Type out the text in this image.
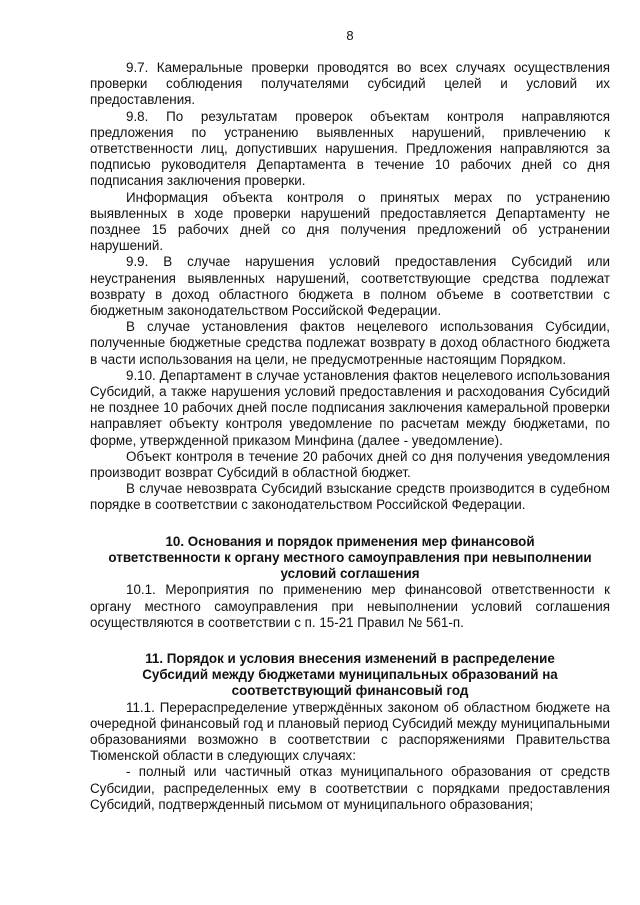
8

9.7. Камеральные проверки проводятся во всех случаях осуществления проверки соблюдения получателями субсидий целей и условий их предоставления.

9.8. По результатам проверок объектам контроля направляются предложения по устранению выявленных нарушений, привлечению к ответственности лиц, допустивших нарушения. Предложения направляются за подписью руководителя Департамента в течение 10 рабочих дней со дня подписания заключения проверки.

Информация объекта контроля о принятых мерах по устранению выявленных в ходе проверки нарушений предоставляется Департаменту не позднее 15 рабочих дней со дня получения предложений об устранении нарушений.

9.9. В случае нарушения условий предоставления Субсидий или неустранения выявленных нарушений, соответствующие средства подлежат возврату в доход областного бюджета в полном объеме в соответствии с бюджетным законодательством Российской Федерации.

В случае установления фактов нецелевого использования Субсидии, полученные бюджетные средства подлежат возврату в доход областного бюджета в части использования на цели, не предусмотренные настоящим Порядком.

9.10. Департамент в случае установления фактов нецелевого использования Субсидий, а также нарушения условий предоставления и расходования Субсидий не позднее 10 рабочих дней после подписания заключения камеральной проверки направляет объекту контроля уведомление по расчетам между бюджетами, по форме, утвержденной приказом Минфина (далее - уведомление).

Объект контроля в течение 20 рабочих дней со дня получения уведомления производит возврат Субсидий в областной бюджет.

В случае невозврата Субсидий взыскание средств производится в судебном порядке в соответствии с законодательством Российской Федерации.

10. Основания и порядок применения мер финансовой
ответственности к органу местного самоуправления при невыполнении
условий соглашения

10.1. Мероприятия по применению мер финансовой ответственности к органу местного самоуправления при невыполнении условий соглашения осуществляются в соответствии с п. 15-21 Правил № 561-п.

11. Порядок и условия внесения изменений в распределение
Субсидий между бюджетами муниципальных образований на
соответствующий финансовый год

11.1. Перераспределение утверждённых законом об областном бюджете на очередной финансовый год и плановый период Субсидий между муниципальными образованиями возможно в соответствии с распоряжениями Правительства Тюменской области в следующих случаях:

- полный или частичный отказ муниципального образования от средств Субсидии, распределенных ему в соответствии с порядками предоставления Субсидий, подтвержденный письмом от муниципального образования;
